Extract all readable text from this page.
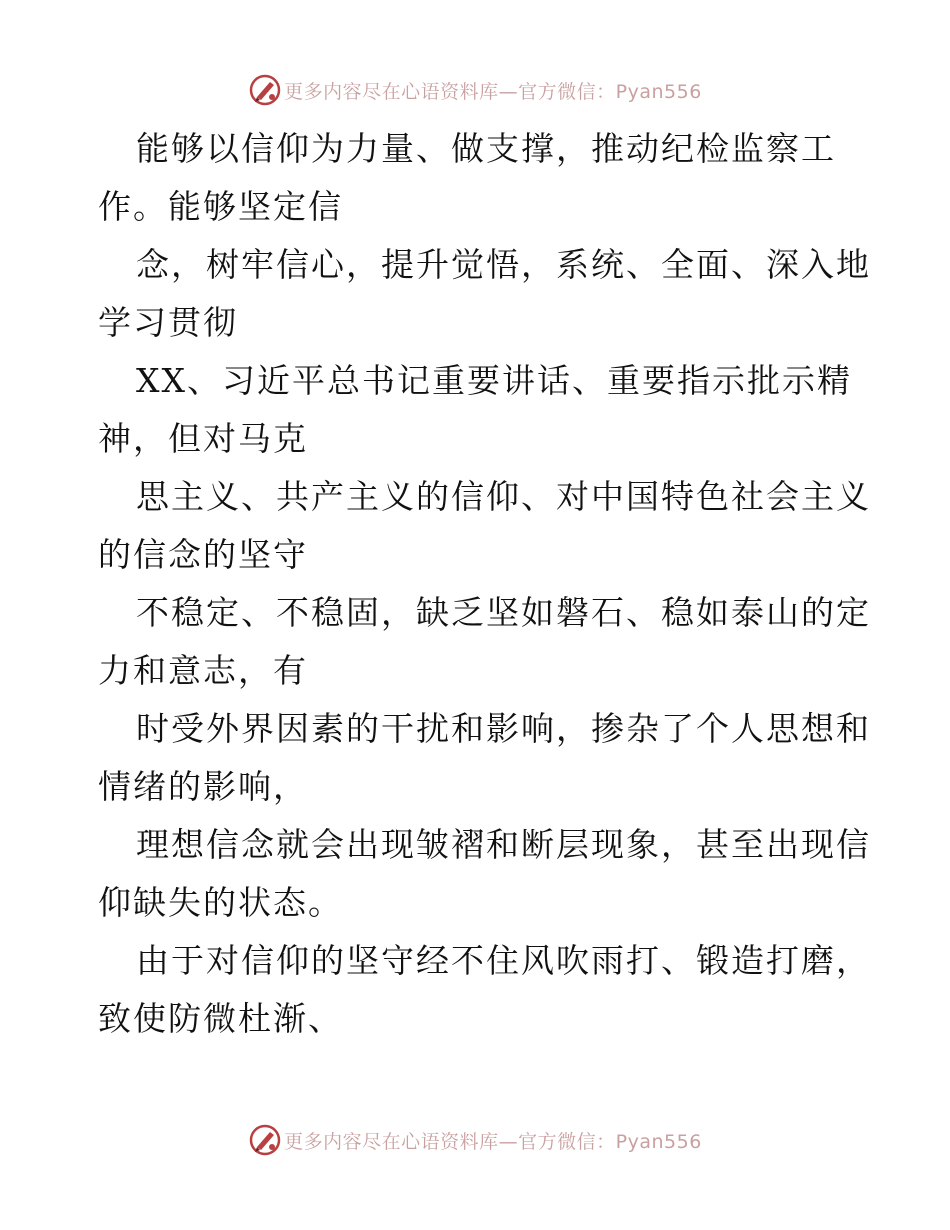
更多内容尽在心语资料库—官方微信：Pyan556
能够以信仰为力量、做支撑，推动纪检监察工
作。能够坚定信
念，树牢信心，提升觉悟，系统、全面、深入地
学习贯彻
XX、习近平总书记重要讲话、重要指示批示精
神，但对马克
思主义、共产主义的信仰、对中国特色社会主义
的信念的坚守
不稳定、不稳固，缺乏坚如磐石、稳如泰山的定
力和意志，有
时受外界因素的干扰和影响，掺杂了个人思想和
情绪的影响，
理想信念就会出现皱褶和断层现象，甚至出现信
仰缺失的状态。
由于对信仰的坚守经不住风吹雨打、锻造打磨，
致使防微杜渐、
更多内容尽在心语资料库—官方微信：Pyan556
